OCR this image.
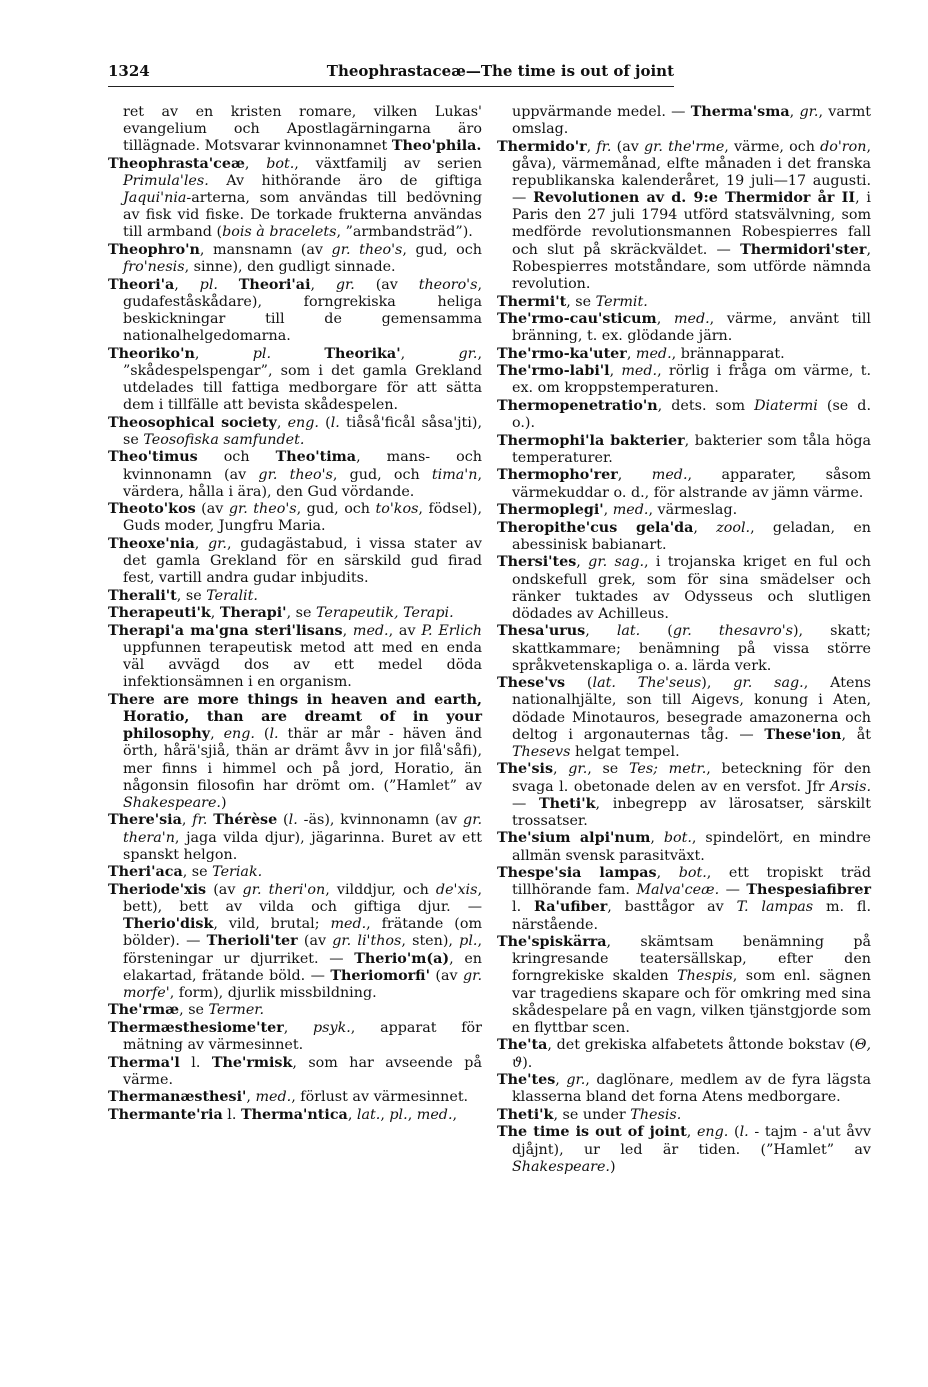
1324	Theophrastaceæ—The time is out of joint
ret av en kristen romare, vilken Lukas' evangelium och Apostlagärningarna äro tillägnade. Motsvarar kvinnonamnet Theo'phila.
Theophrasta'ceæ, bot., växtfamilj av serien Primula'les. Av hithörande äro de giftiga Jaqui'nia-arterna, som användas till bedövning av fisk vid fiske. De torkade frukterna användas till armband (bois à bracelets, ”armbandsträd”).
Theophro'n, mansnamn (av gr. theo's, gud, och fro'nesis, sinne), den gudligt sinnade.
Theori'a, pl. Theori'ai, gr. (av theoro's, gudafeståskådare), forngrekiska heliga beskickningar till de gemensamma nationalhelgedomarna.
Theoriko'n, pl.	Theorika', gr., ”skådespelspengar”, som i det gamla Grekland utdelades till fattiga medborgare för att sätta dem i tillfälle att bevista skådespelen.
Theosophical society, eng. (l. tiåså'ficål såsa'jti), se Teosofiska samfundet.
Theo'timus och Theo'tima, mans- och kvinnonamn (av gr. theo's, gud, och tima'n, värdera, hålla i ära), den Gud vördande.
Theoto'kos (av gr. theo's, gud, och to'kos, födsel), Guds moder, Jungfru Maria.
Theoxe'nia, gr., gudagästabud, i vissa stater av det gamla Grekland för en särskild gud firad fest, vartill andra gudar inbjudits.
Therali't, se Teralit.
Therapeuti'k, Therapi', se Terapeutik, Terapi.
Therapi'a ma'gna steri'lisans, med., av P. Erlich uppfunnen terapeutisk metod att med en enda väl avvägd dos av ett medel döda infektionsämnen i en organism.
There are more things in heaven and earth, Horatio, than are dreamt of in your philosophy, eng. (l. thär ar mår - häven änd örth, hårä'sjiå, thän ar drämt åvv in jor filå'såfi), mer finns i himmel och på jord, Horatio, än någonsin filosofin har drömt om. (”Hamlet” av Shakespeare.)
There'sia, fr. Thérèse (l. -äs), kvinnonamn (av gr. thera'n, jaga vilda djur), jägarinna. Buret av ett spanskt helgon.
Theri'aca, se Teriak.
Theriode'xis (av gr. theri'on, vilddjur, och de'xis, bett), bett av vilda och giftiga djur. — Therio'disk, vild, brutal; med., frätande (om bölder). — Therioli'ter (av gr. li'thos, sten), pl., försteningar ur djurriket. — Therio'm(a), en elakartad, frätande böld. — Theriomorfi' (av gr. morfe', form), djurlik missbildning.
The'rmæ, se Termer.
Thermæsthesiome'ter, psyk., apparat för mätning av värmesinnet.
Therma'l l. The'rmisk, som har avseende på värme.
Thermanæsthesi', med., förlust av värmesinnet.
Thermante'ria l. Therma'ntica, lat., pl., med.,
uppvärmande medel. — Therma'sma, gr., varmt omslag.
Thermido'r, fr. (av gr. the'rme, värme, och do'ron, gåva), värmemånad, elfte månaden i det franska republikanska kalenderåret, 19 juli—17 augusti. — Revolutionen av d. 9:e Thermidor år II, i Paris den 27 juli 1794 utförd statsvälvning, som medförde revolutionsmannen Robespierres fall och slut på skräckväldet. — Thermidori'ster, Robespierres motståndare, som utförde nämnda revolution.
Thermi't, se Termit.
The'rmo-cau'sticum, med., värme, använt till bränning, t. ex. glödande järn.
The'rmo-ka'uter, med., brännapparat.
The'rmo-labi'l, med., rörlig i fråga om värme, t. ex. om kroppstemperaturen.
Thermopenetratio'n, dets. som Diatermi (se d. o.).
Thermophi'la bakterier, bakterier som tåla höga temperaturer.
Thermopho'rer, med., apparater, såsom värmekuddar o. d., för alstrande av jämn värme.
Thermoplegi', med., värmeslag.
Theropithe'cus gela'da, zool., geladan, en abessinisk babianart.
Thersi'tes, gr. sag., i trojanska kriget en ful och ondskefull grek, som för sina smädelser och ränker tuktades av Odysseus och slutligen dödades av Achilleus.
Thesa'urus, lat. (gr. thesavro's), skatt; skattkammare; benämning på vissa större språkvetenskapliga o. a. lärda verk.
These'vs (lat. The'seus), gr. sag., Atens nationalhjälte, son till Aigevs, konung i Aten, dödade Minotauros, besegrade amazonerna och deltog i argonauternas tåg. — These'ion, åt Thesevs helgat tempel.
The'sis, gr., se Tes; metr., beteckning för den svaga l. obetonade delen av en versfot. Jfr Arsis. — Theti'k, inbegrepp av lärosatser, särskilt trossatser.
The'sium alpi'num, bot., spindelört, en mindre allmän svensk parasitväxt.
Thespe'sia lampas, bot., ett tropiskt träd tillhörande fam. Malva'ceæ. — Thespesiafibrer l. Ra'ufiber, basttågor av T. lampas m. fl. närstående.
The'spiskärra, skämtsam benämning på kringresande teatersällskap, efter den forngrekiske skalden Thespis, som enl. sägnen var tragediens skapare och för omkring med sina skådespelare på en vagn, vilken tjänstgjorde som en flyttbar scen.
The'ta, det grekiska alfabetets åttonde bokstav (Θ, ϑ).
The'tes, gr., daglönare, medlem av de fyra lägsta klasserna bland det forna Atens medborgare.
Theti'k, se under Thesis.
The time is out of joint, eng. (l. - tajm - a'ut åvv djåjnt), ur led är tiden. (”Hamlet” av Shakespeare.)
